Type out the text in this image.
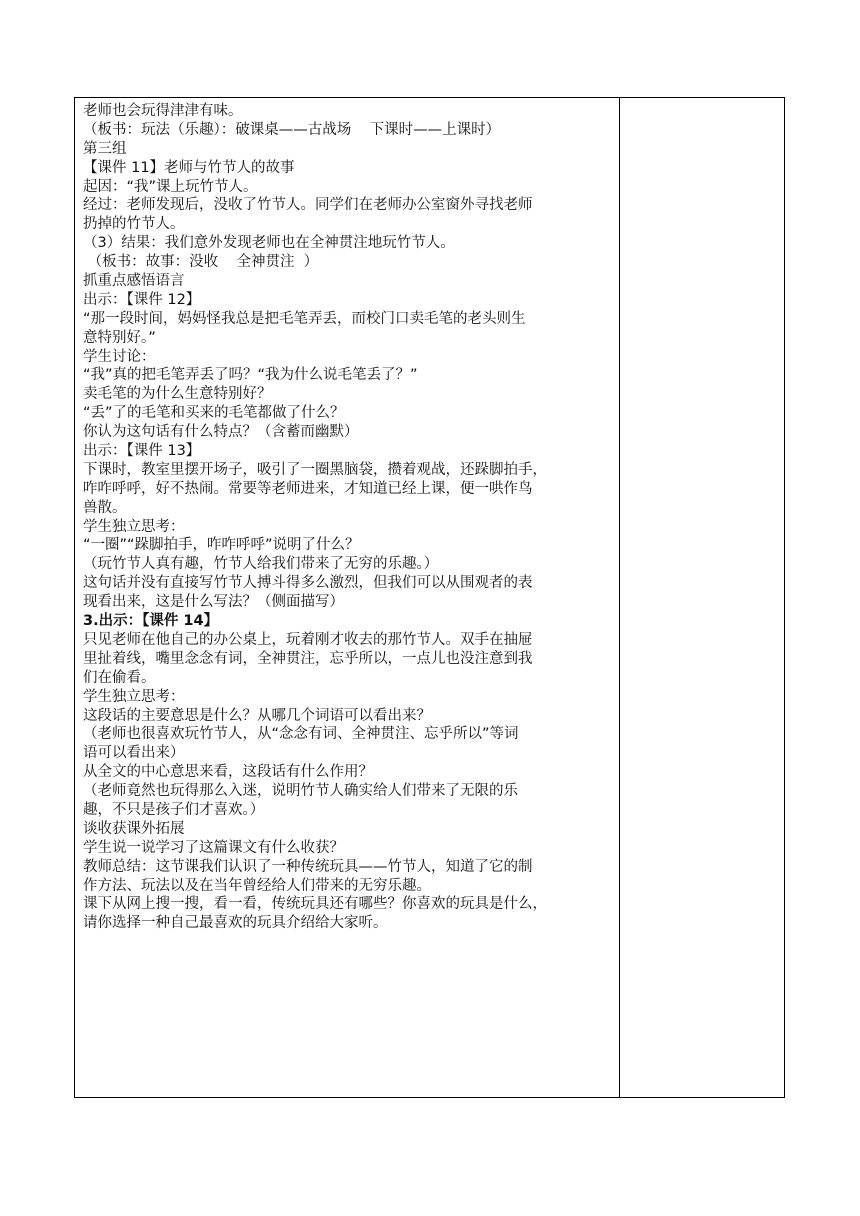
老师也会玩得津津有味。
（板书：玩法（乐趣）：破课桌——古战场    下课时——上课时）
第三组
【课件 11】老师与竹节人的故事
起因：“我”课上玩竹节人。
经过：老师发现后，没收了竹节人。同学们在老师办公室窗外寻找老师
扔掉的竹节人。
（3）结果：我们意外发现老师也在全神贯注地玩竹节人。
（板书：故事：没收    全神贯注  ）
抓重点感悟语言
出示：【课件 12】
“那一段时间，妈妈怪我总是把毛笔弄丢，而校门口卖毛笔的老头则生
意特别好。”
学生讨论：
“我”真的把毛笔弄丢了吗？“我为什么说毛笔丢了？”
卖毛笔的为什么生意特别好？
“丢”了的毛笔和买来的毛笔都做了什么？
你认为这句话有什么特点？（含蓄而幽默）
出示：【课件 13】
下课时，教室里摆开场子，吸引了一圈黑脑袋，攒着观战，还跺脚拍手，
咋咋呼呼，好不热闹。常要等老师进来，才知道已经上课，便一哄作鸟
兽散。
学生独立思考：
“一圈”“跺脚拍手，咋咋呼呼”说明了什么？
（玩竹节人真有趣，竹节人给我们带来了无穷的乐趣。）
这句话并没有直接写竹节人搏斗得多么激烈，但我们可以从围观者的表
现看出来，这是什么写法？（侧面描写）
3.出示：【课件 14】
只见老师在他自己的办公桌上，玩着刚才收去的那竹节人。双手在抽屉
里扯着线，嘴里念念有词，全神贯注，忘乎所以，一点儿也没注意到我
们在偷看。
学生独立思考：
这段话的主要意思是什么？从哪几个词语可以看出来？
（老师也很喜欢玩竹节人，从“念念有词、全神贯注、忘乎所以”等词
语可以看出来）
从全文的中心意思来看，这段话有什么作用？
（老师竟然也玩得那么入迷，说明竹节人确实给人们带来了无限的乐
趣，不只是孩子们才喜欢。）
谈收获课外拓展
学生说一说学习了这篇课文有什么收获？
教师总结：这节课我们认识了一种传统玩具——竹节人，知道了它的制
作方法、玩法以及在当年曾经给人们带来的无穷乐趣。
课下从网上搜一搜，看一看，传统玩具还有哪些？你喜欢的玩具是什么，
请你选择一种自己最喜欢的玩具介绍给大家听。
